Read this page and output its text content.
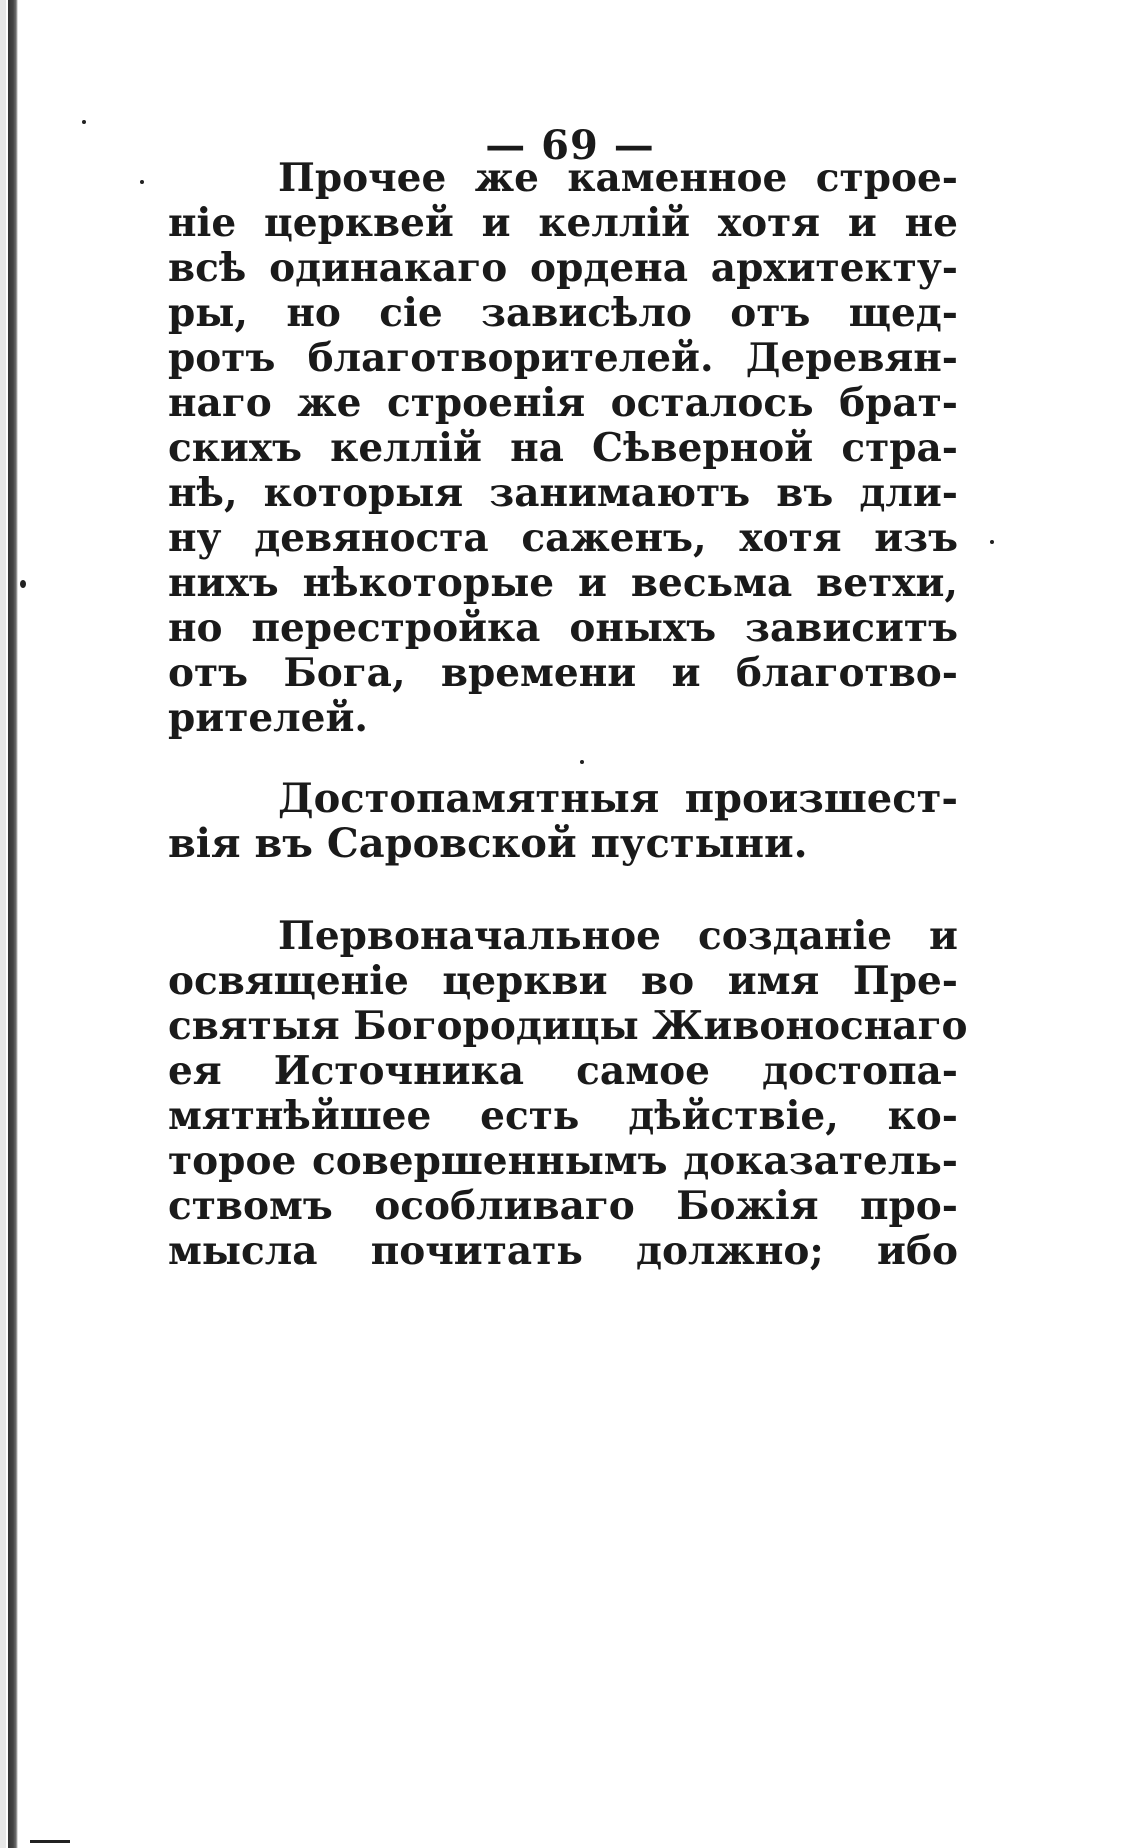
— 69 —
Прочее же каменное строе-
нiе церквей и келлiй хотя и не
всѣ одинакаго ордена архитекту-
ры, но сiе зависѣло отъ щед-
ротъ благотворителей. Деревян-
наго же строенiя осталось брат-
скихъ келлiй на Сѣверной стра-
нѣ, которыя занимаютъ въ дли-
ну девяноста саженъ, хотя изъ
нихъ нѣкоторые и весьма ветхи,
но перестройка оныхъ зависитъ
отъ Бога, времени и благотво-
рителей.
Достопамятныя произшест-
вiя въ Саровской пустыни.
Первоначальное созданiе и
освященiе церкви во имя Пре-
святыя Богородицы Живоноснаго
ея Источника самое достопа-
мятнѣйшее есть дѣйствiе, ко-
торое совершеннымъ доказатель-
ствомъ особливаго Божiя про-
мысла почитать должно; ибо
